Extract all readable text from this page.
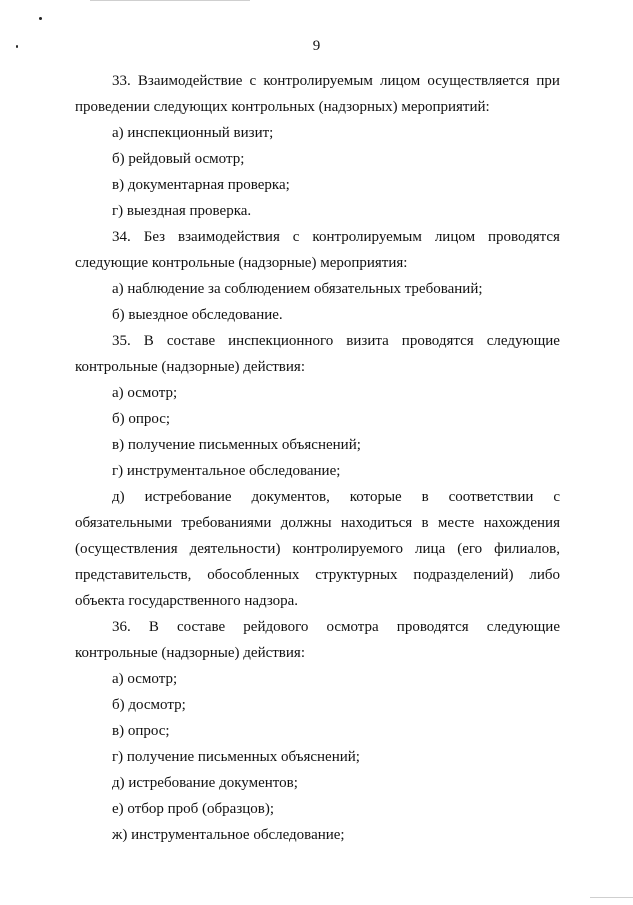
9
33. Взаимодействие с контролируемым лицом осуществляется при
проведении следующих контрольных (надзорных) мероприятий:
а) инспекционный визит;
б) рейдовый осмотр;
в) документарная проверка;
г) выездная проверка.
34. Без взаимодействия с контролируемым лицом проводятся
следующие контрольные (надзорные) мероприятия:
а) наблюдение за соблюдением обязательных требований;
б) выездное обследование.
35. В составе инспекционного визита проводятся следующие
контрольные (надзорные) действия:
а) осмотр;
б) опрос;
в) получение письменных объяснений;
г) инструментальное обследование;
д) истребование документов, которые в соответствии с
обязательными требованиями должны находиться в месте нахождения
(осуществления деятельности) контролируемого лица (его филиалов,
представительств, обособленных структурных подразделений) либо
объекта государственного надзора.
36. В составе рейдового осмотра проводятся следующие
контрольные (надзорные) действия:
а) осмотр;
б) досмотр;
в) опрос;
г) получение письменных объяснений;
д) истребование документов;
е) отбор проб (образцов);
ж) инструментальное обследование;
